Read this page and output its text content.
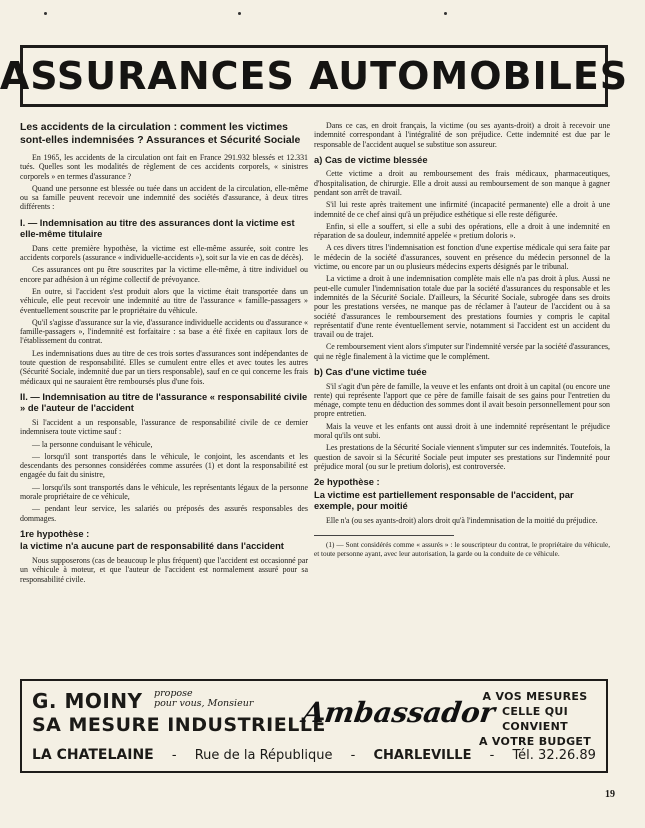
ASSURANCES AUTOMOBILES
Les accidents de la circulation : comment les victimes sont-elles indemnisées ? Assurances et Sécurité Sociale

En 1965, les accidents de la circulation ont fait en France 291.932 blessés et 12.331 tués. Quelles sont les modalités de règlement de ces accidents corporels, « sinistres corporels » en termes d'assurance ?

Quand une personne est blessée ou tuée dans un accident de la circulation, elle-même ou sa famille peuvent recevoir une indemnité des sociétés d'assurance, à deux titres différents :

I. — Indemnisation au titre des assurances dont la victime est elle-même titulaire

Dans cette première hypothèse, la victime est elle-même assurée, soit contre les accidents corporels (assurance « individuelle-accidents »), soit sur la vie en cas de décès).

Ces assurances ont pu être souscrites par la victime elle-même, à titre individuel ou encore par adhésion à un régime collectif de prévoyance.

En outre, si l'accident s'est produit alors que la victime était transportée dans un véhicule, elle peut recevoir une indemnité au titre de l'assurance « famille-passagers » éventuellement souscrite par le propriétaire du véhicule.

Qu'il s'agisse d'assurance sur la vie, d'assurance individuelle accidents ou d'assurance « famille-passagers », l'indemnité est forfaitaire : sa base a été fixée en capitaux lors de l'établissement du contrat.

Les indemnisations dues au titre de ces trois sortes d'assurances sont indépendantes de toute question de responsabilité. Elles se cumulent entre elles et avec toutes les autres (Sécurité Sociale, indemnité due par un tiers responsable), sauf en ce qui concerne les frais médicaux qui ne sauraient être remboursés plus d'une fois.

II. — Indemnisation au titre de l'assurance « responsabilité civile » de l'auteur de l'accident

Si l'accident a un responsable, l'assurance de responsabilité civile de ce dernier indemnisera toute victime sauf :

— la personne conduisant le véhicule,

— lorsqu'il sont transportés dans le véhicule, le conjoint, les ascendants et les descendants des personnes considérées comme assurées (1) et dont la responsabilité est engagée du fait du sinistre,

— lorsqu'ils sont transportés dans le véhicule, les représentants légaux de la personne morale propriétaire de ce véhicule,

— pendant leur service, les salariés ou préposés des assurés responsables des dommages.

1re hypothèse :
la victime n'a aucune part de responsabilité dans l'accident

Nous supposerons (cas de beaucoup le plus fréquent) que l'accident est occasionné par un véhicule à moteur, et que l'auteur de l'accident est normalement assuré pour sa responsabilité civile.

Dans ce cas, en droit français, la victime (ou ses ayants-droit) a droit à recevoir une indemnité correspondant à l'intégralité de son préjudice. Cette indemnité est due par le responsable de l'accident auquel se substitue son assureur.

a) Cas de victime blessée

Cette victime a droit au remboursement des frais médicaux, pharmaceutiques, d'hospitalisation, de chirurgie. Elle a droit aussi au remboursement de son manque à gagner pendant son arrêt de travail.

S'il lui reste après traitement une infirmité (incapacité permanente) elle a droit à une indemnité de ce chef ainsi qu'à un préjudice esthétique si elle reste défigurée.

Enfin, si elle a souffert, si elle a subi des opérations, elle a droit à une indemnité en réparation de sa douleur, indemnité appelée « pretium doloris ».

A ces divers titres l'indemnisation est fonction d'une expertise médicale qui sera faite par le médecin de la société d'assurances, souvent en présence du médecin personnel de la victime, ou encore par un ou plusieurs médecins experts désignés par le tribunal.

La victime a droit à une indemnisation complète mais elle n'a pas droit à plus. Aussi ne peut-elle cumuler l'indemnisation totale due par la société d'assurances du responsable et les indemnités de la Sécurité Sociale. D'ailleurs, la Sécurité Sociale, subrogée dans ses droits pour les prestations versées, ne manque pas de réclamer à l'auteur de l'accident ou à sa société d'assurances le remboursement des prestations fournies y compris le capital représentatif d'une rente éventuellement servie, notamment si l'accident est un accident du travail ou de trajet.

Ce remboursement vient alors s'imputer sur l'indemnité versée par la société d'assurances, qui ne règle finalement à la victime que le complément.

b) Cas d'une victime tuée

S'il s'agit d'un père de famille, la veuve et les enfants ont droit à un capital (ou encore une rente) qui représente l'apport que ce père de famille faisait de ses gains pour l'entretien du ménage, compte tenu en déduction des sommes dont il avait besoin personnellement pour son propre entretien.

Mais la veuve et les enfants ont aussi droit à une indemnité représentant le préjudice moral qu'ils ont subi.

Les prestations de la Sécurité Sociale viennent s'imputer sur ces indemnités. Toutefois, la question de savoir si la Sécurité Sociale peut imputer ses prestations sur l'indemnité pour préjudice moral (ou sur le pretium doloris), est controversée.

2e hypothèse :
La victime est partiellement responsable de l'accident, par exemple, pour moitié

Elle n'a (ou ses ayants-droit) alors droit qu'à l'indemnisation de la moitié du préjudice.

(1) — Sont considérés comme « assurés » : le souscripteur du contrat, le propriétaire du véhicule, et toute personne ayant, avec leur autorisation, la garde ou la conduite de ce véhicule.

G. MOINY propose
pour vous, Monsieur
SA MESURE INDUSTRIELLE
Ambassador
A VOS MESURES
CELLE QUI CONVIENT
A VOTRE BUDGET
LA CHATELAINE - Rue de la République - CHARLEVILLE - Tél. 32.26.89
19
